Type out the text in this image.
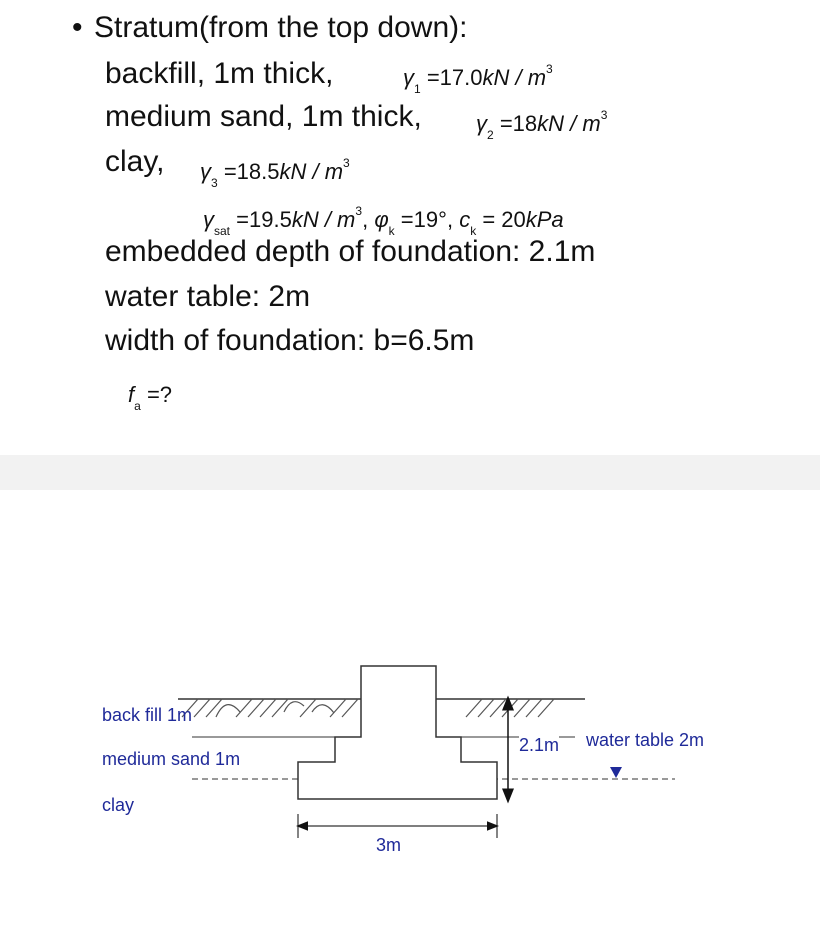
• Stratum(from the top down):
backfill, 1m thick,	$\gamma_1 =17.0kN / m^3$
medium sand, 1m thick, $\gamma_2 =18kN / m^3$
clay, $\gamma_3 =18.5kN / m^3$
$\gamma_{sat} =19.5kN / m^3$, $\varphi_k =19^\circ$, $c_k = 20kPa$
embedded depth of foundation: 2.1m
water table: 2m
width of foundation: b=6.5m
$f_a$ =?
back fill 1m
medium sand 1m
clay
2.1m water table 2m
3m
